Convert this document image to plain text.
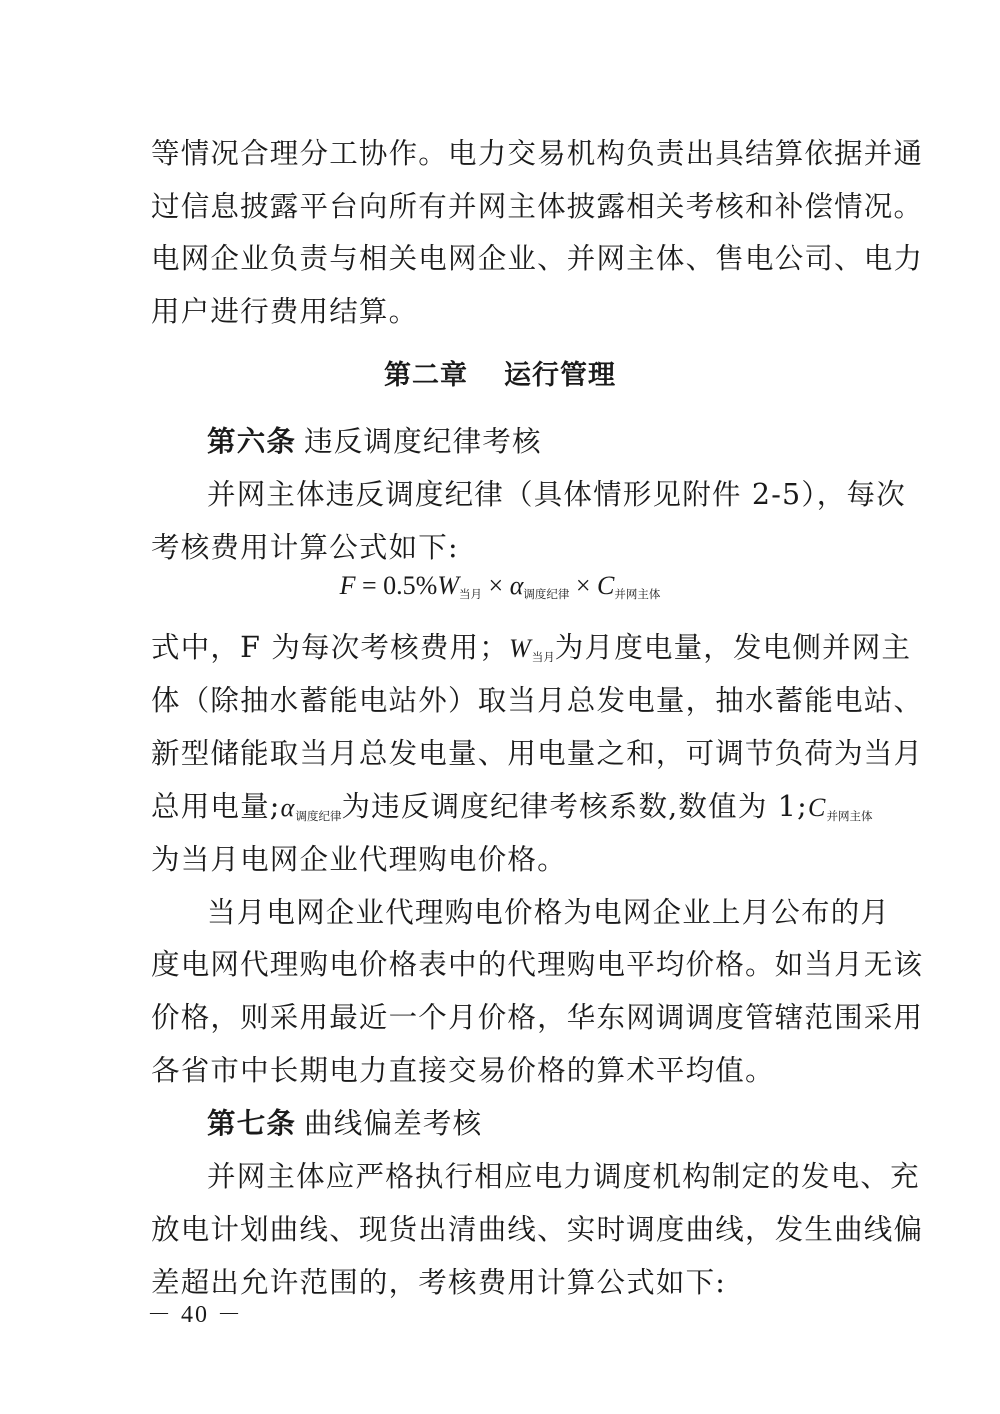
等情况合理分工协作。电力交易机构负责出具结算依据并通
过信息披露平台向所有并网主体披露相关考核和补偿情况。
电网企业负责与相关电网企业、并网主体、售电公司、电力
用户进行费用结算。
第二章 运行管理
第六条 违反调度纪律考核
并网主体违反调度纪律（具体情形见附件 2-5），每次
考核费用计算公式如下:
$F = 0.5\%W_{当月} \times \alpha_{调度纪律} \times C_{并网主体}$
式中，F 为每次考核费用；$W_{当月}$为月度电量，发电侧并网主
体（除抽水蓄能电站外）取当月总发电量，抽水蓄能电站、
新型储能取当月总发电量、用电量之和，可调节负荷为当月
总用电量$;\alpha_{调度纪律}$为违反调度纪律考核系数,数值为 $1;C_{并网主体}$
为当月电网企业代理购电价格。
当月电网企业代理购电价格为电网企业上月公布的月
度电网代理购电价格表中的代理购电平均价格。如当月无该
价格，则采用最近一个月价格，华东网调调度管辖范围采用
各省市中长期电力直接交易价格的算术平均值。
第七条 曲线偏差考核
并网主体应严格执行相应电力调度机构制定的发电、充
放电计划曲线、现货出清曲线、实时调度曲线，发生曲线偏
差超出允许范围的，考核费用计算公式如下:
－ 40 －
